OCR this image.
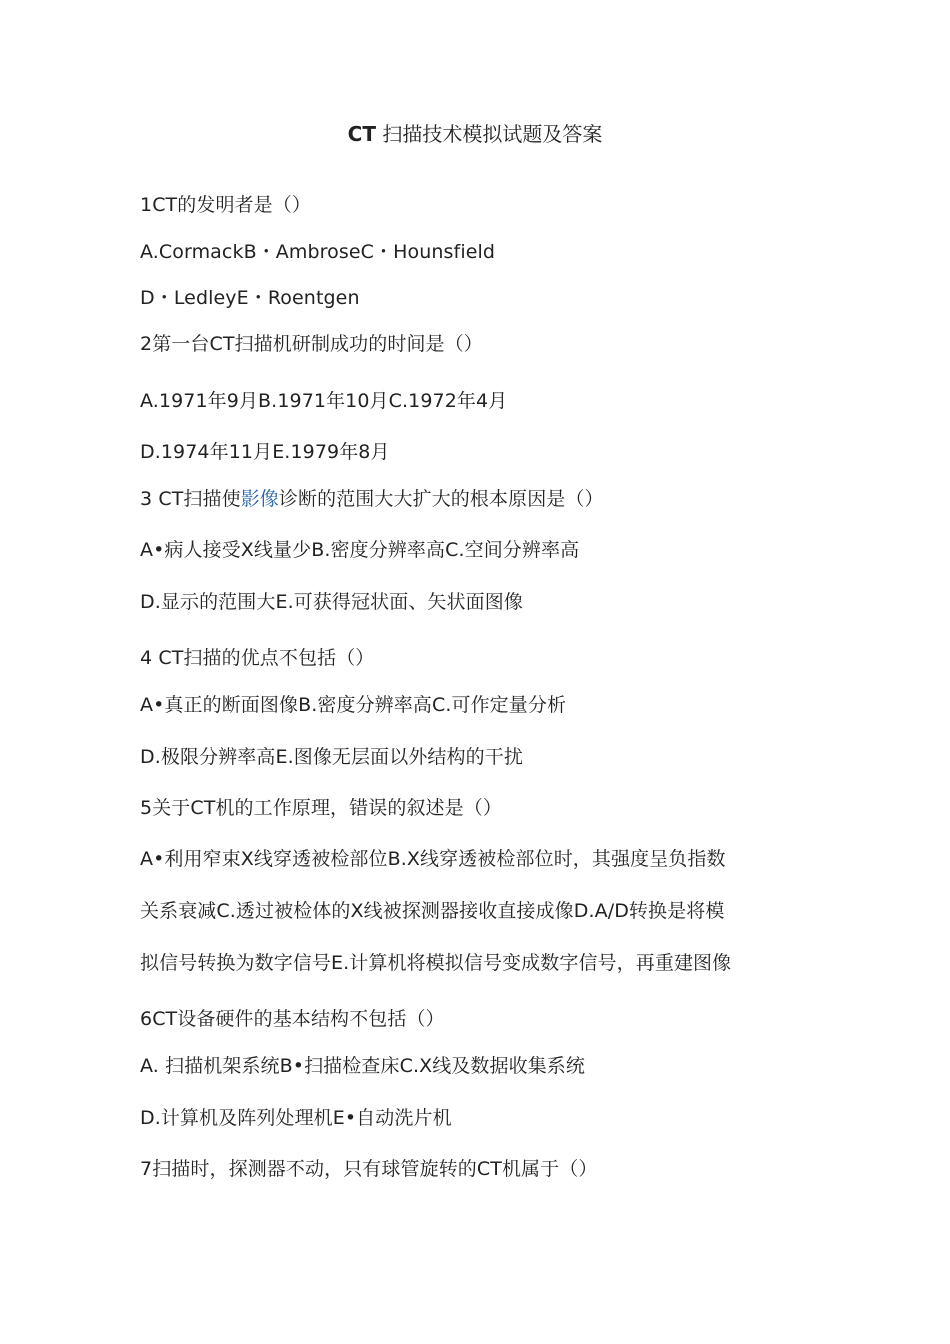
CT 扫描技术模拟试题及答案
1CT的发明者是（）
A.CormackB・AmbroseC・Hounsfield
D・LedleyE・Roentgen
2第一台CT扫描机研制成功的时间是（）
A.1971年9月B.1971年10月C.1972年4月
D.1974年11月E.1979年8月
3 CT扫描使影像诊断的范围大大扩大的根本原因是（）
A•病人接受X线量少B.密度分辨率高C.空间分辨率高
D.显示的范围大E.可获得冠状面、矢状面图像
4 CT扫描的优点不包括（）
A•真正的断面图像B.密度分辨率高C.可作定量分析
D.极限分辨率高E.图像无层面以外结构的干扰
5关于CT机的工作原理，错误的叙述是（）
A•利用窄束X线穿透被检部位B.X线穿透被检部位时，其强度呈负指数
关系衰减C.透过被检体的X线被探测器接收直接成像D.A/D转换是将模
拟信号转换为数字信号E.计算机将模拟信号变成数字信号，再重建图像
6CT设备硬件的基本结构不包括（）
A. 扫描机架系统B•扫描检查床C.X线及数据收集系统
D.计算机及阵列处理机E•自动洗片机
7扫描时，探测器不动，只有球管旋转的CT机属于（）
